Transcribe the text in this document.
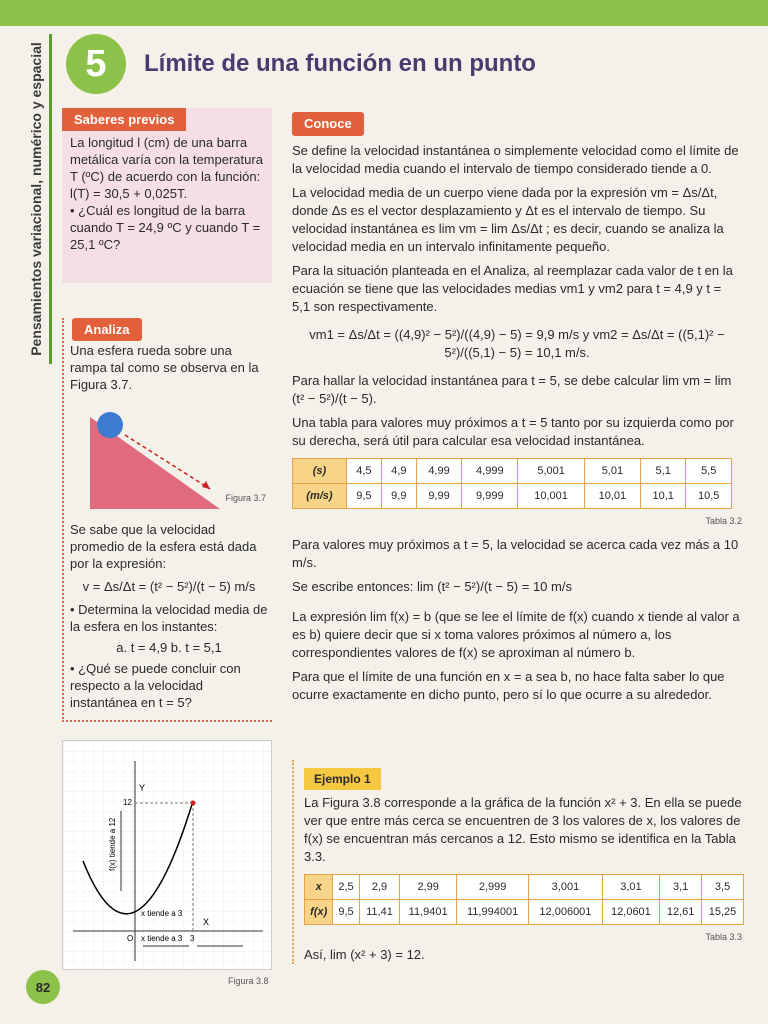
Pensamientos variacional, numérico y espacial	5	Límite de una función en un punto
Saberes previos

La longitud l (cm) de una barra metálica varía con la temperatura T (ºC) de acuerdo con la función:

l(T) = 30,5 + 0,025T.

• ¿Cuál es longitud de la barra cuando T = 24,9 ºC y cuando T = 25,1 ºC?

Analiza

Una esfera rueda sobre una rampa tal como se observa en la Figura 3.7.

Figura 3.7

Se sabe que la velocidad promedio de la esfera está dada por la expresión:

v = Δs/Δt = (t² − 5²)/(t − 5) m/s

• Determina la velocidad media de la esfera en los instantes:

a. t = 4,9 b. t = 5,1

• ¿Qué se puede concluir con respecto a la velocidad instantánea en t = 5?

f(x) tiende a 12
12
x tiende a 3
x tiende a 3 3
X
Y
O
Figura 3.8
Conoce

Se define la velocidad instantánea o simplemente velocidad como el límite de la velocidad media cuando el intervalo de tiempo considerado tiende a 0.

La velocidad media de un cuerpo viene dada por la expresión vm = Δs/Δt, donde Δs es el vector desplazamiento y Δt es el intervalo de tiempo. Su velocidad instantánea es lim vm = lim Δs/Δt ; es decir, cuando se analiza la velocidad media en un intervalo infinitamente pequeño.

Para la situación planteada en el Analiza, al reemplazar cada valor de t en la ecuación se tiene que las velocidades medias vm1 y vm2 para t = 4,9 y t = 5,1 son respectivamente.

vm1 = Δs/Δt = ((4,9)² − 5²)/((4,9) − 5) = 9,9 m/s y vm2 = Δs/Δt = ((5,1)² − 5²)/((5,1) − 5) = 10,1 m/s.

Para hallar la velocidad instantánea para t = 5, se debe calcular lim vm = lim (t² − 5²)/(t − 5).

Una tabla para valores muy próximos a t = 5 tanto por su izquierda como por su derecha, será útil para calcular esa velocidad instantánea.

(s)	4,5	4,9	4,99	4,999	5,001	5,01	5,1	5,5
(m/s)	9,5	9,9	9,99	9,999	10,001	10,01	10,1	10,5

Tabla 3.2

Para valores muy próximos a t = 5, la velocidad se acerca cada vez más a 10 m/s.

Se escribe entonces: lim (t² − 5²)/(t − 5) = 10 m/s

La expresión lim f(x) = b (que se lee el límite de f(x) cuando x tiende al valor a es b) quiere decir que si x toma valores próximos al número a, los correspondientes valores de f(x) se aproximan al número b.

Para que el límite de una función en x = a sea b, no hace falta saber lo que ocurre exactamente en dicho punto, pero sí lo que ocurre a su alrededor.

Ejemplo 1

La Figura 3.8 corresponde a la gráfica de la función x² + 3. En ella se puede ver que entre más cerca se encuentren de 3 los valores de x, los valores de f(x) se encuentran más cercanos a 12. Esto mismo se identifica en la Tabla 3.3.

x	2,5	2,9	2,99	2,999	3,001	3,01	3,1	3,5
f(x)	9,5	11,41	11,9401	11,994001	12,006001	12,0601	12,61	15,25

Tabla 3.3

Así, lim (x² + 3) = 12.

82
